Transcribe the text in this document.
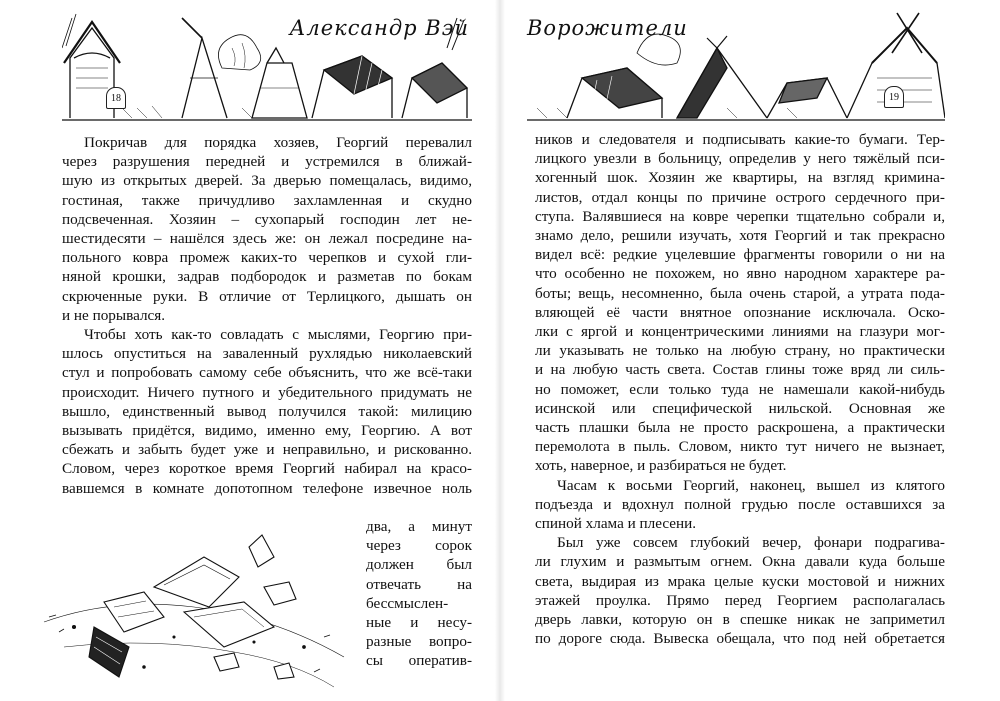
Александр Вэй
18

Покричав для порядка хозяев, Георгий перевалил
через разрушения передней и устремился в ближай-
шую из открытых дверей. За дверью помещалась, видимо,
гостиная, также причудливо захламленная и скудно
подсвеченная. Хозяин – сухопарый господин лет не-
шестидесяти – нашёлся здесь же: он лежал посредине на-
польного ковра промеж каких-то черепков и сухой гли-
няной крошки, задрав подбородок и разметав по бокам
скрюченные руки. В отличие от Терлицкого, дышать он
и не порывался.

Чтобы хоть как-то совладать с мыслями, Георгию при-
шлось опуститься на заваленный рухлядью николаевский
стул и попробовать самому себе объяснить, что же всё-таки
происходит. Ничего путного и убедительного придумать не
вышло, единственный вывод получился такой: милицию
вызывать придётся, видимо, именно ему, Георгию. А вот
сбежать и забыть будет уже и неправильно, и рискованно.
Словом, через короткое время Георгий набирал на красо-
вавшемся в комнате допотопном телефоне извечное ноль

два, а минут
через сорок
должен был
отвечать на
бессмыслен-
ные и несу-
разные вопро-
сы оператив-
Ворожители
19

ников и следователя и подписывать какие-то бумаги. Тер-
лицкого увезли в больницу, определив у него тяжёлый пси-
хогенный шок. Хозяин же квартиры, на взгляд кримина-
листов, отдал концы по причине острого сердечного при-
ступа. Валявшиеся на ковре черепки тщательно собрали и,
знамо дело, решили изучать, хотя Георгий и так прекрасно
видел всё: редкие уцелевшие фрагменты говорили о ни на
что особенно не похожем, но явно народном характере ра-
боты; вещь, несомненно, была очень старой, а утрата пода-
вляющей её части внятное опознание исключала. Оско-
лки с яргой и концентрическими линиями на глазури мог-
ли указывать не только на любую страну, но практически
и на любую часть света. Состав глины тоже вряд ли силь-
но поможет, если только туда не намешали какой-нибудь
исинской или специфической нильской. Основная же
часть плашки была не просто раскрошена, а практически
перемолота в пыль. Словом, никто тут ничего не вызнает,
хоть, наверное, и разбираться не будет.

Часам к восьми Георгий, наконец, вышел из клятого
подъезда и вдохнул полной грудью после оставшихся за
спиной хлама и плесени.

Был уже совсем глубокий вечер, фонари подрагива-
ли глухим и размытым огнем. Окна давали куда больше
света, выдирая из мрака целые куски мостовой и нижних
этажей проулка. Прямо перед Георгием располагалась
дверь лавки, которую он в спешке никак не заприметил
по дороге сюда. Вывеска обещала, что под ней обретается
